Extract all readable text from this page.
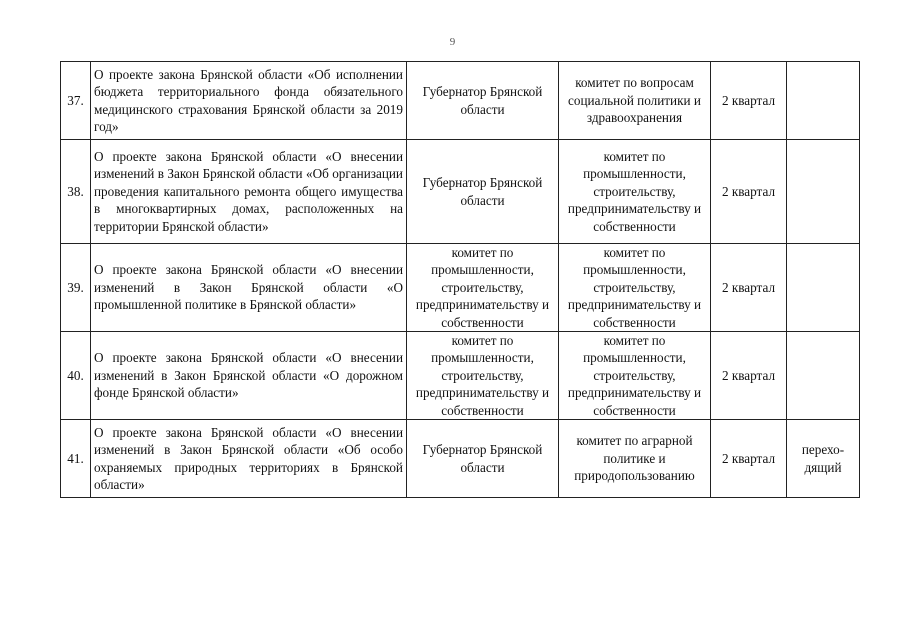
9
37.	О проекте закона Брянской области «Об исполнении бюджета территориального фонда обязательного медицинского страхования Брянской области за 2019 год»	Губернатор Брянской области	комитет по вопросам социальной политики и здравоохранения	2 квартал	
38.	О проекте закона Брянской области «О внесении изменений в Закон Брянской области «Об организации проведения капитального ремонта общего имущества в многоквартирных домах, расположенных на территории Брянской области»	Губернатор Брянской области	комитет по промышленности, строительству, предпринимательству и собственности	2 квартал	
39.	О проекте закона Брянской области «О внесении изменений в Закон Брянской области «О промышленной политике в Брянской области»	комитет по промышленности, строительству, предпринимательству и собственности	комитет по промышленности, строительству, предпринимательству и собственности	2 квартал	
40.	О проекте закона Брянской области «О внесении изменений в Закон Брянской области «О дорожном фонде Брянской области»	комитет по промышленности, строительству, предпринимательству и собственности	комитет по промышленности, строительству, предпринимательству и собственности	2 квартал	
41.	О проекте закона Брянской области «О внесении изменений в Закон Брянской области «Об особо охраняемых природных территориях в Брянской области»	Губернатор Брянской области	комитет по аграрной политике и природопользованию	2 квартал	перехо-дящий
